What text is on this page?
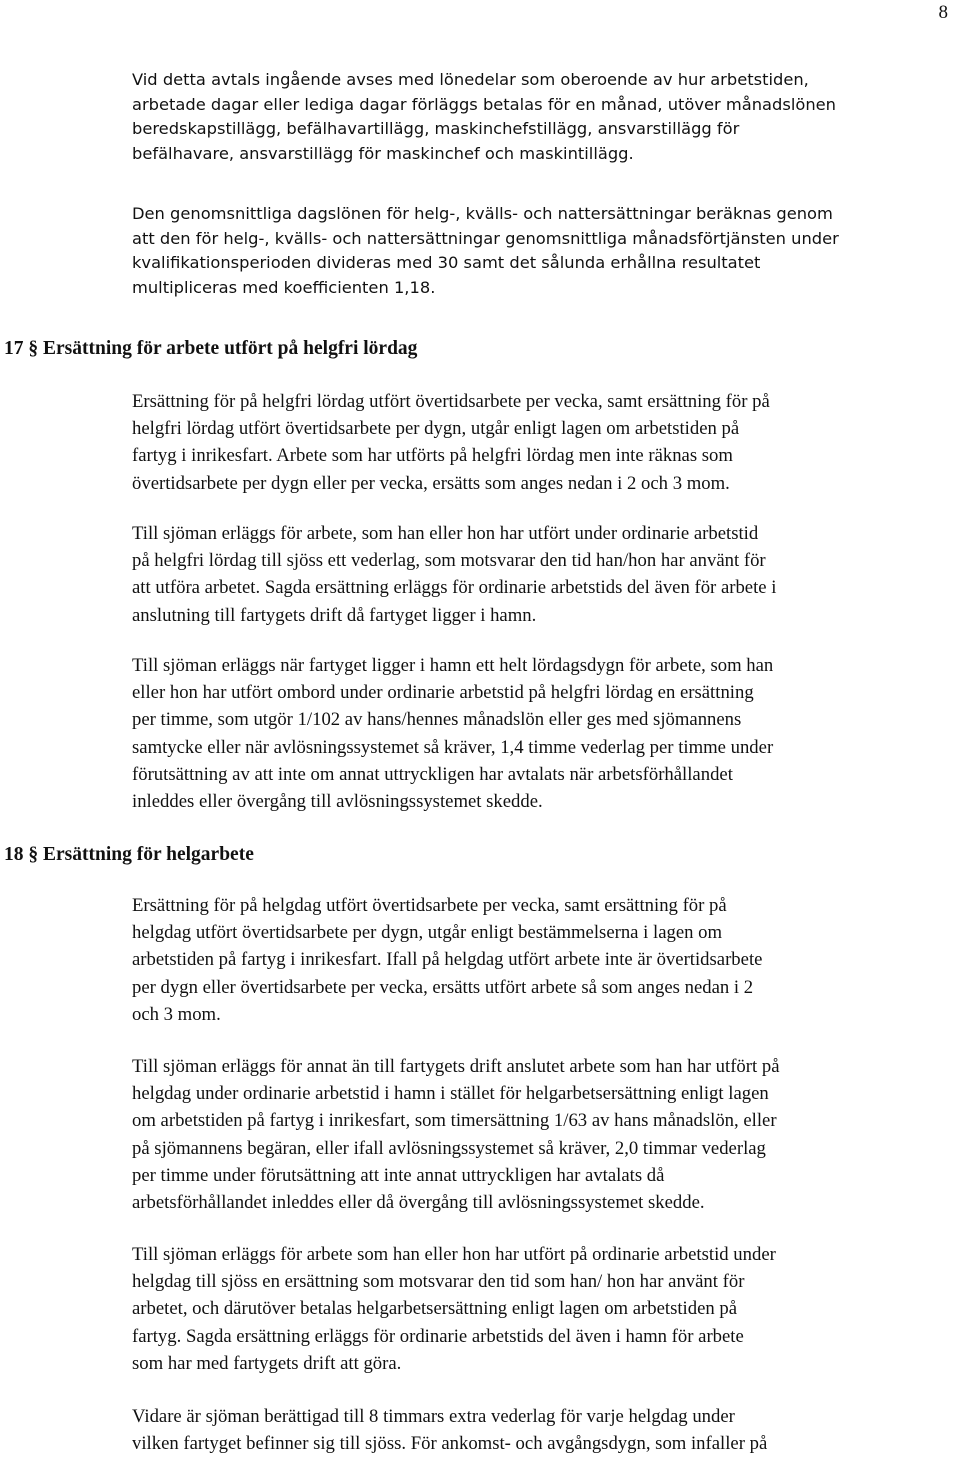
8
Vid detta avtals ingående avses med lönedelar som oberoende av hur arbetstiden,
arbetade dagar eller lediga dagar förläggs betalas för en månad, utöver månadslönen
beredskapstillägg, befälhavartillägg, maskinchefstillägg, ansvarstillägg för
befälhavare, ansvarstillägg för maskinchef och maskintillägg.
Den genomsnittliga dagslönen för helg-, kvälls- och nattersättningar beräknas genom
att den för helg-, kvälls- och nattersättningar genomsnittliga månadsförtjänsten under
kvalifikationsperioden divideras med 30 samt det sålunda erhållna resultatet
multipliceras med koefficienten 1,18.
17 § Ersättning för arbete utfört på helgfri lördag
Ersättning för på helgfri lördag utfört övertidsarbete per vecka, samt ersättning för på
helgfri lördag utfört övertidsarbete per dygn, utgår enligt lagen om arbetstiden på
fartyg i inrikesfart. Arbete som har utförts på helgfri lördag men inte räknas som
övertidsarbete per dygn eller per vecka, ersätts som anges nedan i 2 och 3 mom.
Till sjöman erläggs för arbete, som han eller hon har utfört under ordinarie arbetstid
på helgfri lördag till sjöss ett vederlag, som motsvarar den tid han/hon har använt för
att utföra arbetet. Sagda ersättning erläggs för ordinarie arbetstids del även för arbete i
anslutning till fartygets drift då fartyget ligger i hamn.
Till sjöman erläggs när fartyget ligger i hamn ett helt lördagsdygn för arbete, som han
eller hon har utfört ombord under ordinarie arbetstid på helgfri lördag en ersättning
per timme, som utgör 1/102 av hans/hennes månadslön eller ges med sjömannens
samtycke eller när avlösningssystemet så kräver, 1,4 timme vederlag per timme under
förutsättning av att inte om annat uttryckligen har avtalats när arbetsförhållandet
inleddes eller övergång till avlösningssystemet skedde.
18 § Ersättning för helgarbete
Ersättning för på helgdag utfört övertidsarbete per vecka, samt ersättning för på
helgdag utfört övertidsarbete per dygn, utgår enligt bestämmelserna i lagen om
arbetstiden på fartyg i inrikesfart. Ifall på helgdag utfört arbete inte är övertidsarbete
per dygn eller övertidsarbete per vecka, ersätts utfört arbete så som anges nedan i 2
och 3 mom.
Till sjöman erläggs för annat än till fartygets drift anslutet arbete som han har utfört på
helgdag under ordinarie arbetstid i hamn i stället för helgarbetsersättning enligt lagen
om arbetstiden på fartyg i inrikesfart, som timersättning 1/63 av hans månadslön, eller
på sjömannens begäran, eller ifall avlösningssystemet så kräver, 2,0 timmar vederlag
per timme under förutsättning att inte annat uttryckligen har avtalats då
arbetsförhållandet inleddes eller då övergång till avlösningssystemet skedde.
Till sjöman erläggs för arbete som han eller hon har utfört på ordinarie arbetstid under
helgdag till sjöss en ersättning som motsvarar den tid som han/ hon har använt för
arbetet, och därutöver betalas helgarbetsersättning enligt lagen om arbetstiden på
fartyg. Sagda ersättning erläggs för ordinarie arbetstids del även i hamn för arbete
som har med fartygets drift att göra.
Vidare är sjöman berättigad till 8 timmars extra vederlag för varje helgdag under
vilken fartyget befinner sig till sjöss. För ankomst- och avgångsdygn, som infaller på
